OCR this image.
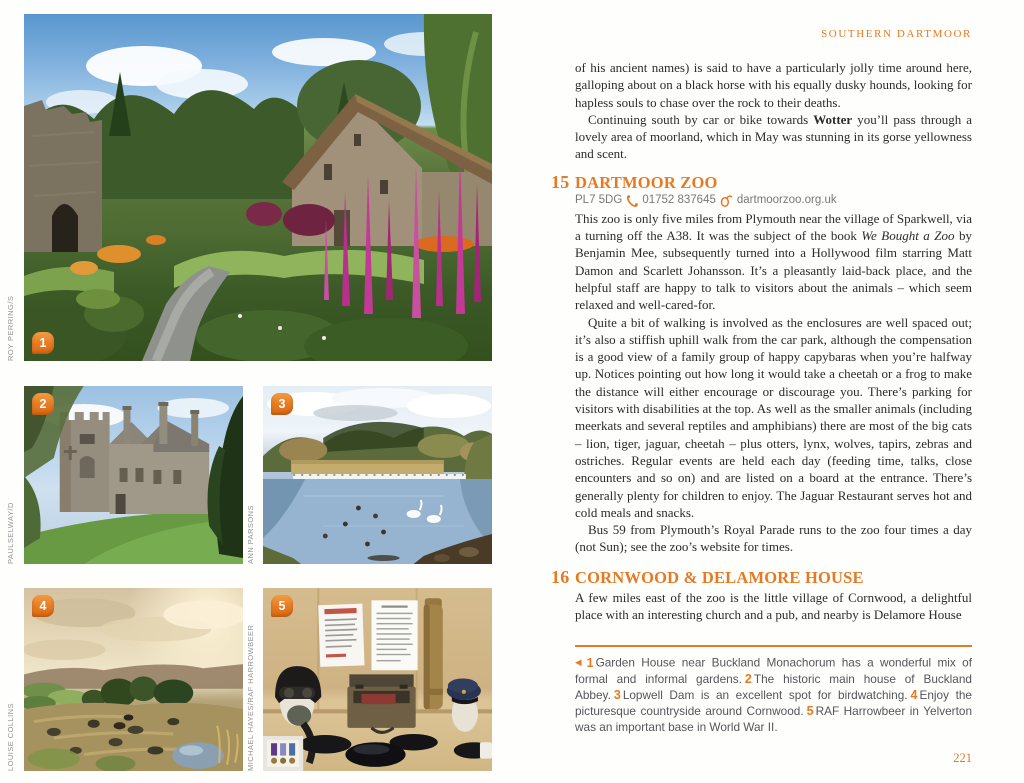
1
ROY PERRING/S
2
PAULSELWAY/D
3
ANN PARSONS
4
LOUISE COLLINS
5
MICHAEL HAYES/RAF HARROWBEER
SOUTHERN DARTMOOR

of his ancient names) is said to have a particularly jolly time around here, galloping about on a black horse with his equally dusky hounds, looking for hapless souls to chase over the rock to their deaths.

Continuing south by car or bike towards Wotter you’ll pass through a lovely area of moorland, which in May was stunning in its gorse yellowness and scent.

15 DARTMOOR ZOO
PL7 5DG 01752 837645 dartmoorzoo.org.uk

This zoo is only five miles from Plymouth near the village of Sparkwell, via a turning off the A38. It was the subject of the book We Bought a Zoo by Benjamin Mee, subsequently turned into a Hollywood film starring Matt Damon and Scarlett Johansson. It’s a pleasantly laid-back place, and the helpful staff are happy to talk to visitors about the animals – which seem relaxed and well-cared-for.

Quite a bit of walking is involved as the enclosures are well spaced out; it’s also a stiffish uphill walk from the car park, although the compensation is a good view of a family group of happy capybaras when you’re halfway up. Notices pointing out how long it would take a cheetah or a frog to make the distance will either encourage or discourage you. There’s parking for visitors with disabilities at the top. As well as the smaller animals (including meerkats and several reptiles and amphibians) there are most of the big cats – lion, tiger, jaguar, cheetah – plus otters, lynx, wolves, tapirs, zebras and ostriches. Regular events are held each day (feeding time, talks, close encounters and so on) and are listed on a board at the entrance. There’s generally plenty for children to enjoy. The Jaguar Restaurant serves hot and cold meals and snacks.

Bus 59 from Plymouth’s Royal Parade runs to the zoo four times a day (not Sun); see the zoo’s website for times.

16 CORNWOOD & DELAMORE HOUSE

A few miles east of the zoo is the little village of Cornwood, a delightful place with an interesting church and a pub, and nearby is Delamore House

◀ 1 Garden House near Buckland Monachorum has a wonderful mix of formal and informal gardens. 2 The historic main house of Buckland Abbey. 3 Lopwell Dam is an excellent spot for birdwatching. 4 Enjoy the picturesque countryside around Cornwood. 5 RAF Harrowbeer in Yelverton was an important base in World War II.

221
